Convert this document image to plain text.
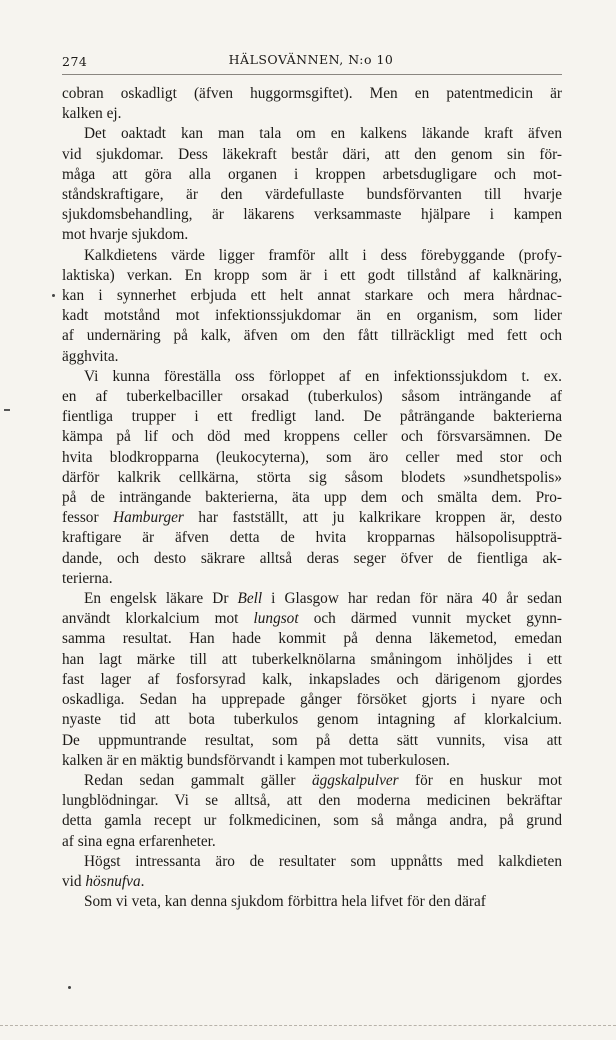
274	HÄLSOVÄNNEN, N:o 10
cobran oskadligt (äfven huggormsgiftet). Men en patentmedicin är
kalken ej.
Det oaktadt kan man tala om en kalkens läkande kraft äfven
vid sjukdomar. Dess läkekraft består däri, att den genom sin för-
måga att göra alla organen i kroppen arbetsdugligare och mot-
ståndskraftigare, är den värdefullaste bundsförvanten till hvarje
sjukdomsbehandling, är läkarens verksammaste hjälpare i kampen
mot hvarje sjukdom.
Kalkdietens värde ligger framför allt i dess förebyggande (profy-
laktiska) verkan. En kropp som är i ett godt tillstånd af kalknäring,
kan i synnerhet erbjuda ett helt annat starkare och mera hårdnac-
kadt motstånd mot infektionssjukdomar än en organism, som lider
af undernäring på kalk, äfven om den fått tillräckligt med fett och
ägghvita.
Vi kunna föreställa oss förloppet af en infektionssjukdom t. ex.
en af tuberkelbaciller orsakad (tuberkulos) såsom inträngande af
fientliga trupper i ett fredligt land. De påträngande bakterierna
kämpa på lif och död med kroppens celler och försvarsämnen. De
hvita blodkropparna (leukocyterna), som äro celler med stor och
därför kalkrik cellkärna, störta sig såsom blodets »sundhetspolis»
på de inträngande bakterierna, äta upp dem och smälta dem. Pro-
fessor Hamburger har fastställt, att ju kalkrikare kroppen är, desto
kraftigare är äfven detta de hvita kropparnas hälsopolisuppträ-
dande, och desto säkrare alltså deras seger öfver de fientliga ak-
terierna.
En engelsk läkare Dr Bell i Glasgow har redan för nära 40 år sedan
användt klorkalcium mot lungsot och därmed vunnit mycket gynn-
samma resultat. Han hade kommit på denna läkemetod, emedan
han lagt märke till att tuberkelknölarna småningom inhöljdes i ett
fast lager af fosforsyrad kalk, inkapslades och därigenom gjordes
oskadliga. Sedan ha upprepade gånger försöket gjorts i nyare och
nyaste tid att bota tuberkulos genom intagning af klorkalcium.
De uppmuntrande resultat, som på detta sätt vunnits, visa att
kalken är en mäktig bundsförvandt i kampen mot tuberkulosen.
Redan sedan gammalt gäller äggskalpulver för en huskur mot
lungblödningar. Vi se alltså, att den moderna medicinen bekräftar
detta gamla recept ur folkmedicinen, som så många andra, på grund
af sina egna erfarenheter.
Högst intressanta äro de resultater som uppnåtts med kalkdieten
vid hösnufva.
Som vi veta, kan denna sjukdom förbittra hela lifvet för den däraf
